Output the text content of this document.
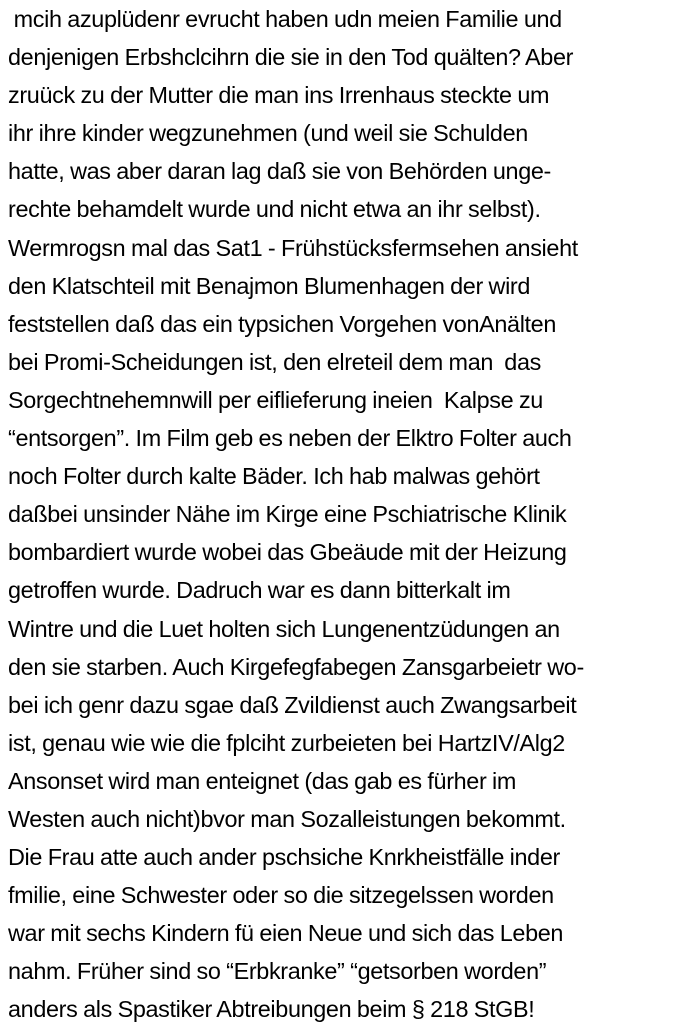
mcih azuplüdenr evrucht haben udn meien Familie und
denjenigen Erbshclcihrn die sie in den Tod quälten? Aber
zruück zu der Mutter die man ins Irrenhaus steckte um
ihr ihre kinder wegzunehmen (und weil sie Schulden
hatte, was aber daran lag daß sie von Behörden unge-
rechte behamdelt wurde und nicht etwa an ihr selbst).
Wermrogsn mal das Sat1 - Frühstücksfermsehen ansieht
den Klatschteil mit Benajmon Blumenhagen der wird
feststellen daß das ein typsichen Vorgehen vonAnälten
bei Promi-Scheidungen ist, den elreteil dem man  das
Sorgechtnehemnwill per eiflieferung ineien  Kalpse zu
“entsorgen”. Im Film geb es neben der Elktro Folter auch
noch Folter durch kalte Bäder. Ich hab malwas gehört
daßbei unsinder Nähe im Kirge eine Pschiatrische Klinik
bombardiert wurde wobei das Gbeäude mit der Heizung
getroffen wurde. Dadruch war es dann bitterkalt im
Wintre und die Luet holten sich Lungenentzüdungen an
den sie starben. Auch Kirgefegfabegen Zansgarbeietr wo-
bei ich genr dazu sgae daß Zvildienst auch Zwangsarbeit
ist, genau wie wie die fplciht zurbeieten bei HartzIV/Alg2
Ansonset wird man enteignet (das gab es fürher im
Westen auch nicht)bvor man Sozalleistungen bekommt.
Die Frau atte auch ander pschsiche Knrkheistfälle inder
fmilie, eine Schwester oder so die sitzegelssen worden
war mit sechs Kindern fü eien Neue und sich das Leben
nahm. Früher sind so “Erbkranke” “getsorben worden”
anders als Spastiker Abtreibungen beim § 218 StGB!
